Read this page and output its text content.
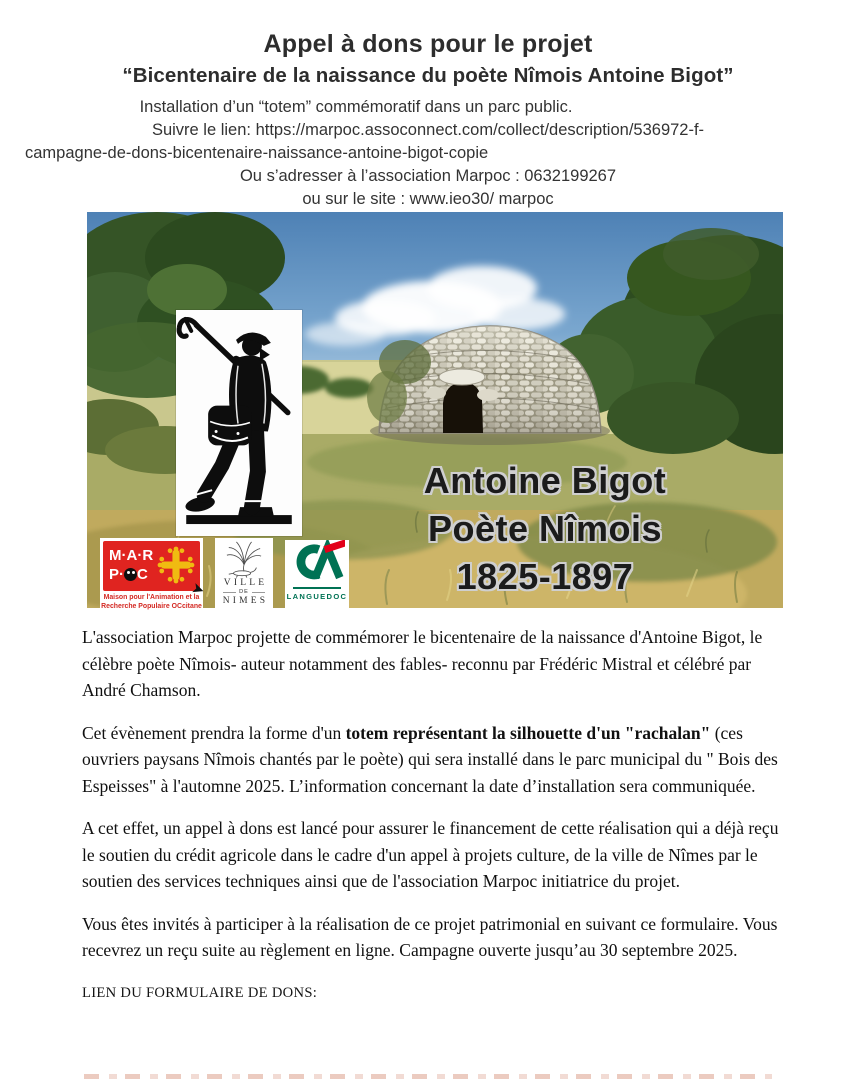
Appel à dons pour le projet
“Bicentenaire de la naissance du poète Nîmois Antoine Bigot”
Installation d’un “totem” commémoratif dans un parc public.
Suivre le lien: https://marpoc.assoconnect.com/collect/description/536972-f-
campagne-de-dons-bicentenaire-naissance-antoine-bigot-copie
Ou s’adresser à l’association Marpoc : 0632199267
ou sur le site : www.ieo30/ marpoc
Antoine Bigot
Poète Nîmois
1825-1897
M·A·R
P· C
➤
Maison pour l'Animation et la
Recherche Populaire OCcitane
VILLE
DE
NIMES	LANGUEDOC

L'association Marpoc projette de commémorer le bicentenaire de la naissance d'Antoine Bigot, le célèbre poète Nîmois- auteur notamment des fables- reconnu par Frédéric Mistral et célébré par André Chamson.

Cet évènement prendra la forme d'un totem représentant la silhouette d'un "rachalan" (ces ouvriers paysans Nîmois chantés par le poète) qui sera installé dans le parc municipal du " Bois des Espeisses" à l'automne 2025. L’information concernant la date d’installation sera communiquée.

A cet effet, un appel à dons est lancé pour assurer le financement de cette réalisation qui a déjà reçu le soutien du crédit agricole dans le cadre d'un appel à projets culture, de la ville de Nîmes par le soutien des services techniques ainsi que de l'association Marpoc initiatrice du projet.

Vous êtes invités à participer à la réalisation de ce projet patrimonial en suivant ce formulaire. Vous recevrez un reçu suite au règlement en ligne. Campagne ouverte jusqu’au 30 septembre 2025.

LIEN DU FORMULAIRE DE DONS:
